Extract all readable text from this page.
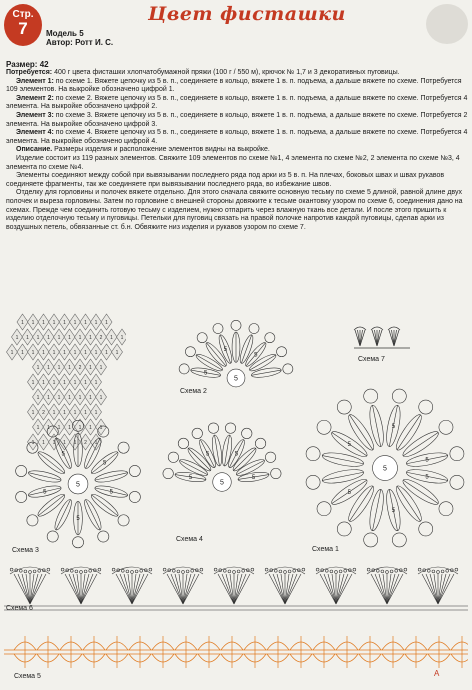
Стр.
7
Цвет фисташки
Модель 5
Автор: Ротт И. С.
Размер: 42

Потребуется: 400 г цвета фисташки хлопчатобумажной пряжи (100 г / 550 м), крючок № 1,7 и 3 декоративных пуговицы.

Элемент 1: по схеме 1. Вяжете цепочку из 5 в. п., соединяете в кольцо, вяжете 1 в. п. подъема, а дальше вяжете по схеме. Потребуется 109 элементов. На выкройке обозначено цифрой 1.

Элемент 2: по схеме 2. Вяжете цепочку из 5 в. п., соединяете в кольцо, вяжете 1 в. п. подъема, а дальше вяжете по схеме. Потребуется 4 элемента. На выкройке обозначено цифрой 2.

Элемент 3: по схеме 3. Вяжете цепочку из 5 в. п., соединяете в кольцо, вяжете 1 в. п. подъема, а дальше вяжете по схеме. Потребуется 2 элемента. На выкройке обозначено цифрой 3.

Элемент 4: по схеме 4. Вяжете цепочку из 5 в. п., соединяете в кольцо, вяжете 1 в. п. подъема, а дальше вяжете по схеме. Потребуется 4 элемента. На выкройке обозначено цифрой 4.

Описание. Размеры изделия и расположение элементов видны на выкройке.

Изделие состоит из 119 разных элементов. Свяжите 109 элементов по схеме №1, 4 элемента по схеме №2, 2 элемента по схеме №3, 4 элемента по схеме №4.

Элементы соединяют между собой при вывязывании последнего ряда под арки из 5 в. п. На плечах, боковых швах и швах рукавов соединяете фрагменты, так же соединяете при вывязывании последнего ряда, во избежание швов.

Отделку для горловины и полочек вяжете отдельно. Для этого сначала свяжите основную тесьму по схеме 5 длиной, равной длине двух полочек и выреза горловины. Затем по горловине с внешней стороны довяжите к тесьме окантовку узором по схеме 6, соединения дано на схемах. Прежде чем соединить готовую тесьму с изделием, нужно отпарить через влажную ткань все детали. И после этого пришить к изделию отделочную тесьму и пуговицы. Петельки для пуговиц связать на правой полочке напротив каждой пуговицы, сделав арки из воздушных петель, обвязанные ст. б.н. Обвяжите низ изделия и рукавов узором по схеме 7.

1 1 1 1 1 1 1 1 1
1 1 1 1 1 1 1 1 2 1 1
1 1 1 1 1 1 1 1 1 1 1
1 1 1 1 2 1 1
1 1 1 1 1 1 1
1 1 1 1 1 1 1
1 2 1 1 1 1 1
1 1 1 1 1 1 1
1 1 1 1 1 2 1
5
5
5
5
Схема 2
Схема 7
5
5
5
5
5
5
Схема 3
5
5	5
5
5
Схема 4
5
5
5
5
5
5
5
Схема 1
Схема 6
A
Схема 5
